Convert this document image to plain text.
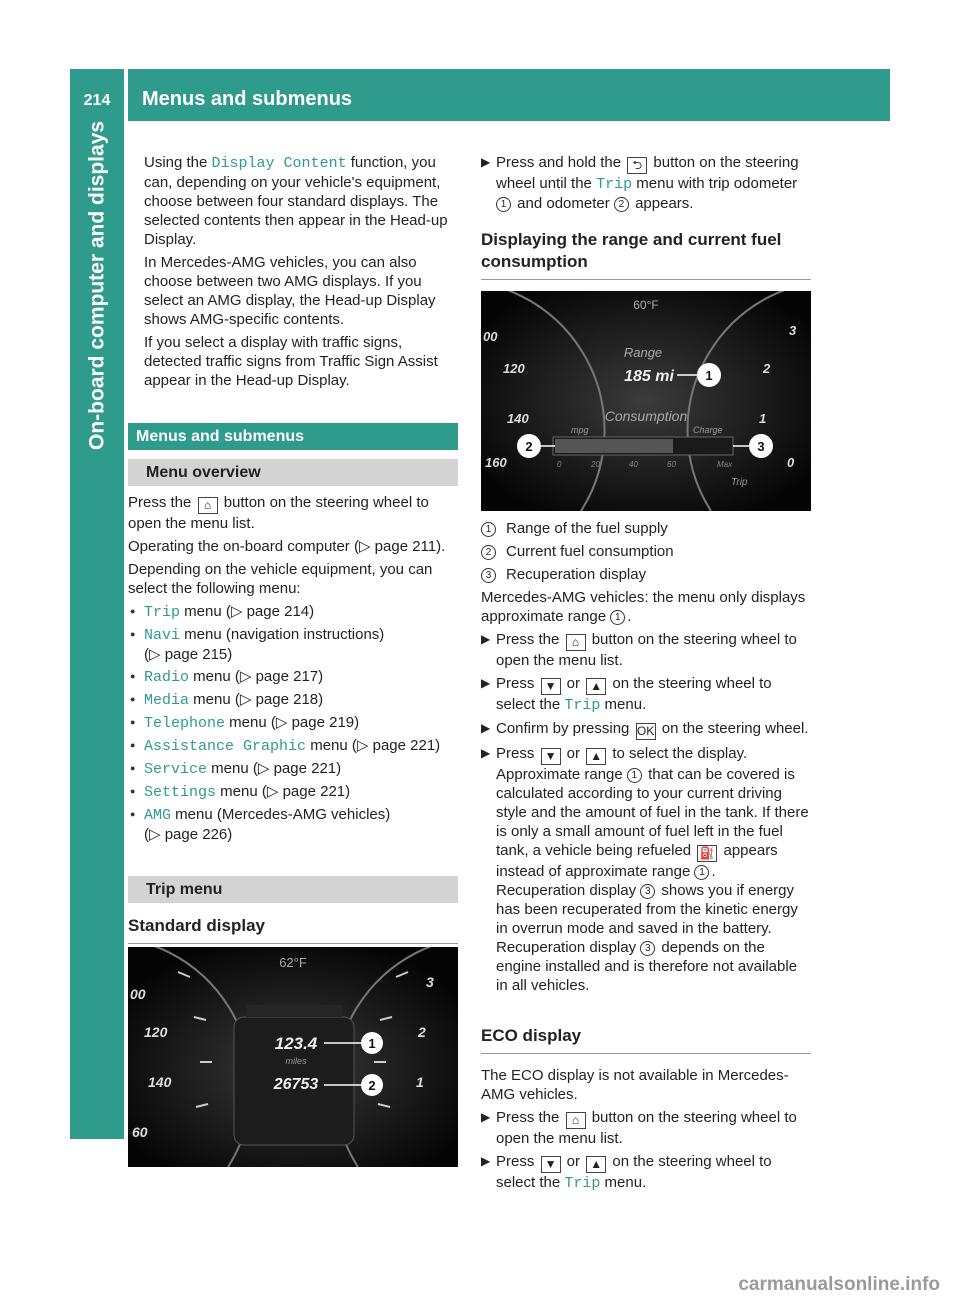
214	Menus and submenus
On-board computer and displays Using the Display Content function, you can, depending on your vehicle's equipment, choose between four standard displays. The selected contents then appear in the Head-up Display.

In Mercedes-AMG vehicles, you can also choose between two AMG displays. If you select an AMG display, the Head-up Display shows AMG-specific contents.

If you select a display with traffic signs, detected traffic signs from Traffic Sign Assist appear in the Head-up Display.

Menus and submenus
Menu overview

Press the ⌂ button on the steering wheel to open the menu list.

Operating the on-board computer (▷ page 211).

Depending on the vehicle equipment, you can select the following menu:

● Trip menu (▷ page 214)
● Navi menu (navigation instructions)
(▷ page 215)
● Radio menu (▷ page 217)
● Media menu (▷ page 218)
● Telephone menu (▷ page 219)
● Assistance Graphic menu (▷ page 221)
● Service menu (▷ page 221)
● Settings menu (▷ page 221)
● AMG menu (Mercedes-AMG vehicles)
(▷ page 226)
Trip menu
Standard display
00
120
140
60
2
1
3
62°F
123.4
miles
26753
1
2
▶ Press and hold the ⮌ button on the steering wheel until the Trip menu with trip odometer 1 and odometer 2 appears.
Displaying the range and current fuel consumption
00
120
140
160
3
2
1
0
60°F
Range
185 mi 1
Consumption
mpg	Charge
2	3
0	20	40	60	Max
Trip

1 Range of the fuel supply

2 Current fuel consumption

3 Recuperation display

Mercedes-AMG vehicles: the menu only displays approximate range 1 .

▶ Press the ⌂ button on the steering wheel to open the menu list.
▶ Press ▼ or ▲ on the steering wheel to select the Trip menu.
▶ Confirm by pressing OK on the steering wheel.
▶ Press ▼ or ▲ to select the display.
Approximate range 1 that can be covered is calculated according to your current driving style and the amount of fuel in the tank. If there is only a small amount of fuel left in the fuel tank, a vehicle being refueled ⛽ appears instead of approximate range 1 .
Recuperation display 3 shows you if energy has been recuperated from the kinetic energy in overrun mode and saved in the battery.
Recuperation display 3 depends on the engine installed and is therefore not available in all vehicles.
ECO display

The ECO display is not available in Mercedes-AMG vehicles.

▶ Press the ⌂ button on the steering wheel to open the menu list.
▶ Press ▼ or ▲ on the steering wheel to select the Trip menu.
carmanualsonline.info
